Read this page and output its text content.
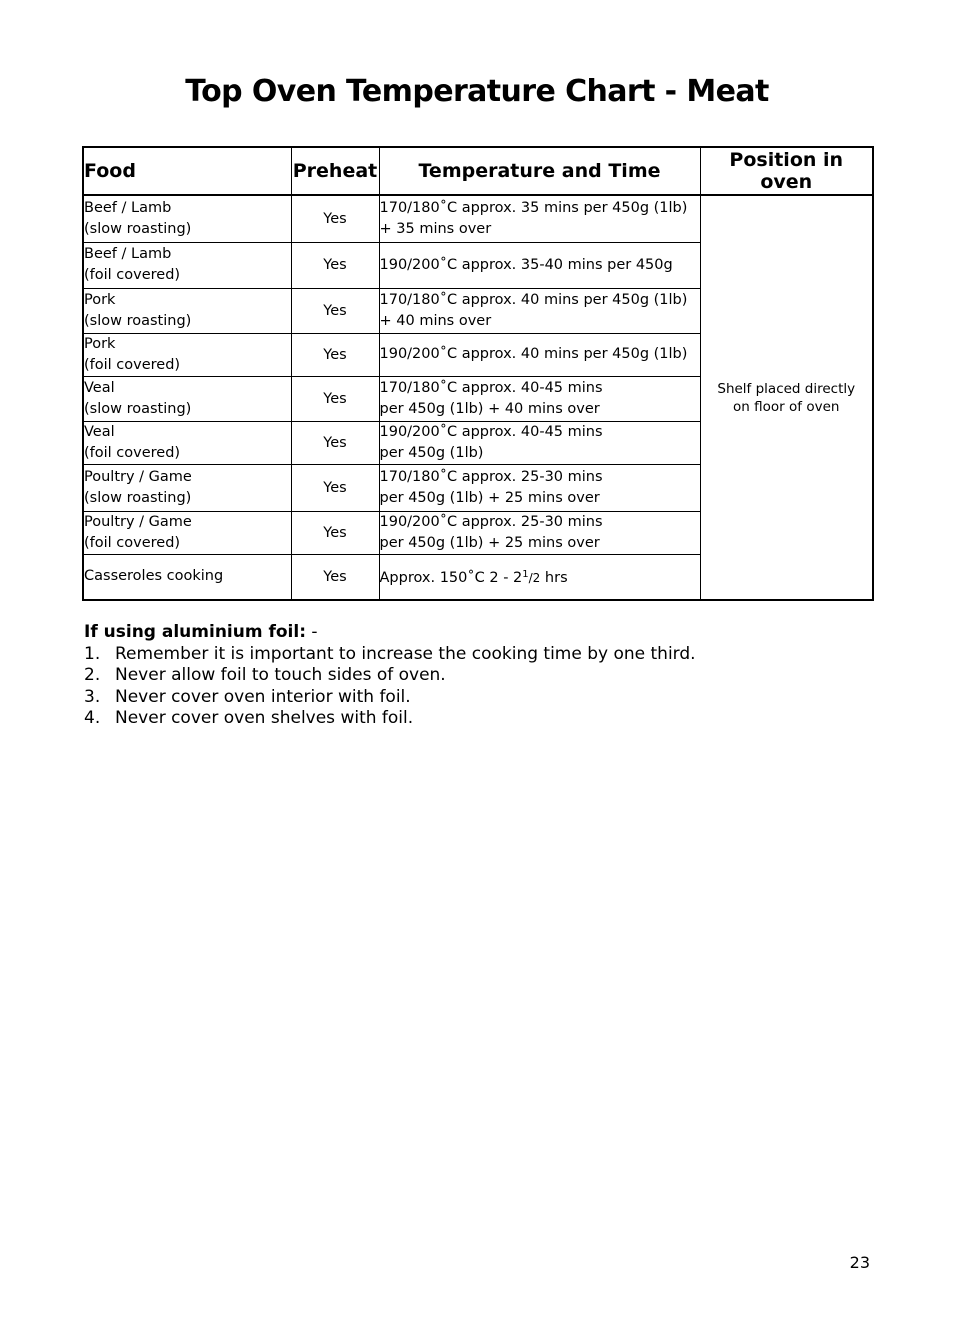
Top Oven Temperature Chart - Meat
Food	Preheat	Temperature and Time	Position in oven
Beef / Lamb
(slow roasting)	Yes	170/180˚C approx. 35 mins per 450g (1lb)
+ 35 mins over	Shelf placed directly
on floor of oven
Beef / Lamb
(foil covered)	Yes	190/200˚C approx. 35-40 mins per 450g	
Pork
(slow roasting)	Yes	170/180˚C approx. 40 mins per 450g (1lb)
+ 40 mins over	
Pork
(foil covered)	Yes	190/200˚C approx. 40 mins per 450g (1lb)	
Veal
(slow roasting)	Yes	170/180˚C approx. 40-45 mins
per 450g (1lb) + 40 mins over	
Veal
(foil covered)	Yes	190/200˚C approx. 40-45 mins
per 450g (1lb)	
Poultry / Game
(slow roasting)	Yes	170/180˚C approx. 25-30 mins
per 450g (1lb) + 25 mins over	
Poultry / Game
(foil covered)	Yes	190/200˚C approx. 25-30 mins
per 450g (1lb) + 25 mins over	
Casseroles cooking	Yes	Approx. 150˚C $2 - 2^1/2$ hrs	
If using aluminium foil: -
1. Remember it is important to increase the cooking time by one third.
2. Never allow foil to touch sides of oven.
3. Never cover oven interior with foil.
4. Never cover oven shelves with foil.
23
